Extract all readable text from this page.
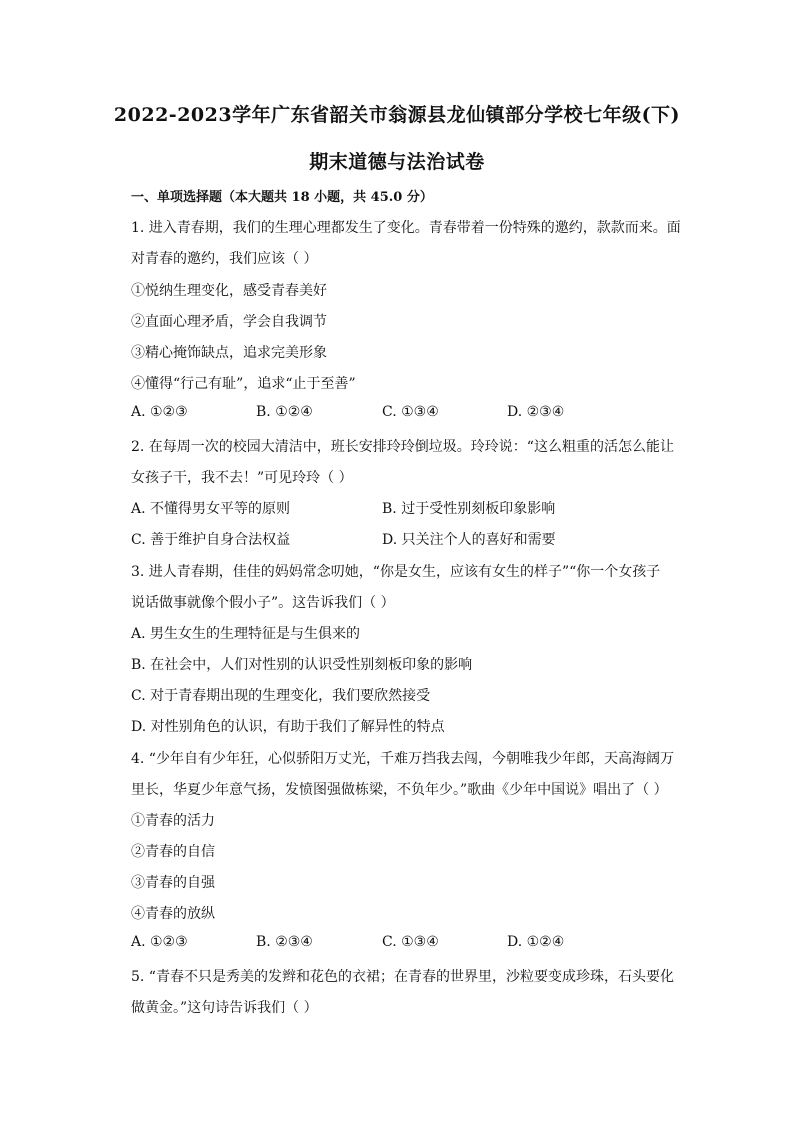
2022-2023学年广东省韶关市翁源县龙仙镇部分学校七年级(下)
期末道德与法治试卷
一、单项选择题（本大题共 18 小题，共 45.0 分）
1. 进入青春期，我们的生理心理都发生了变化。青春带着一份特殊的邀约，款款而来。面
对青春的邀约，我们应该（ ）
①悦纳生理变化，感受青春美好
②直面心理矛盾，学会自我调节
③精心掩饰缺点，追求完美形象
④懂得“行己有耻”，追求“止于至善”
A. ①②③	B. ①②④	C. ①③④	D. ②③④
2. 在每周一次的校园大清洁中，班长安排玲玲倒垃圾。玲玲说：“这么粗重的活怎么能让
女孩子干，我不去！”可见玲玲（ ）
A. 不懂得男女平等的原则	B. 过于受性别刻板印象影响
C. 善于维护自身合法权益	D. 只关注个人的喜好和需要
3. 进人青春期，佳佳的妈妈常念叨她，“你是女生，应该有女生的样子”“你一个女孩子
说话做事就像个假小子”。这告诉我们（ ）
A. 男生女生的生理特征是与生俱来的
B. 在社会中，人们对性别的认识受性别刻板印象的影响
C. 对于青春期出现的生理变化，我们要欣然接受
D. 对性别角色的认识，有助于我们了解异性的特点
4. “少年自有少年狂，心似骄阳万丈光，千难万挡我去闯，今朝唯我少年郎，天高海阔万
里长，华夏少年意气扬，发愤图强做栋梁，不负年少。”歌曲《少年中国说》唱出了（ ）
①青春的活力
②青春的自信
③青春的自强
④青春的放纵
A. ①②③	B. ②③④	C. ①③④	D. ①②④
5. “青春不只是秀美的发辫和花色的衣裙；在青春的世界里，沙粒要变成珍珠，石头要化
做黄金。”这句诗告诉我们（ ）
